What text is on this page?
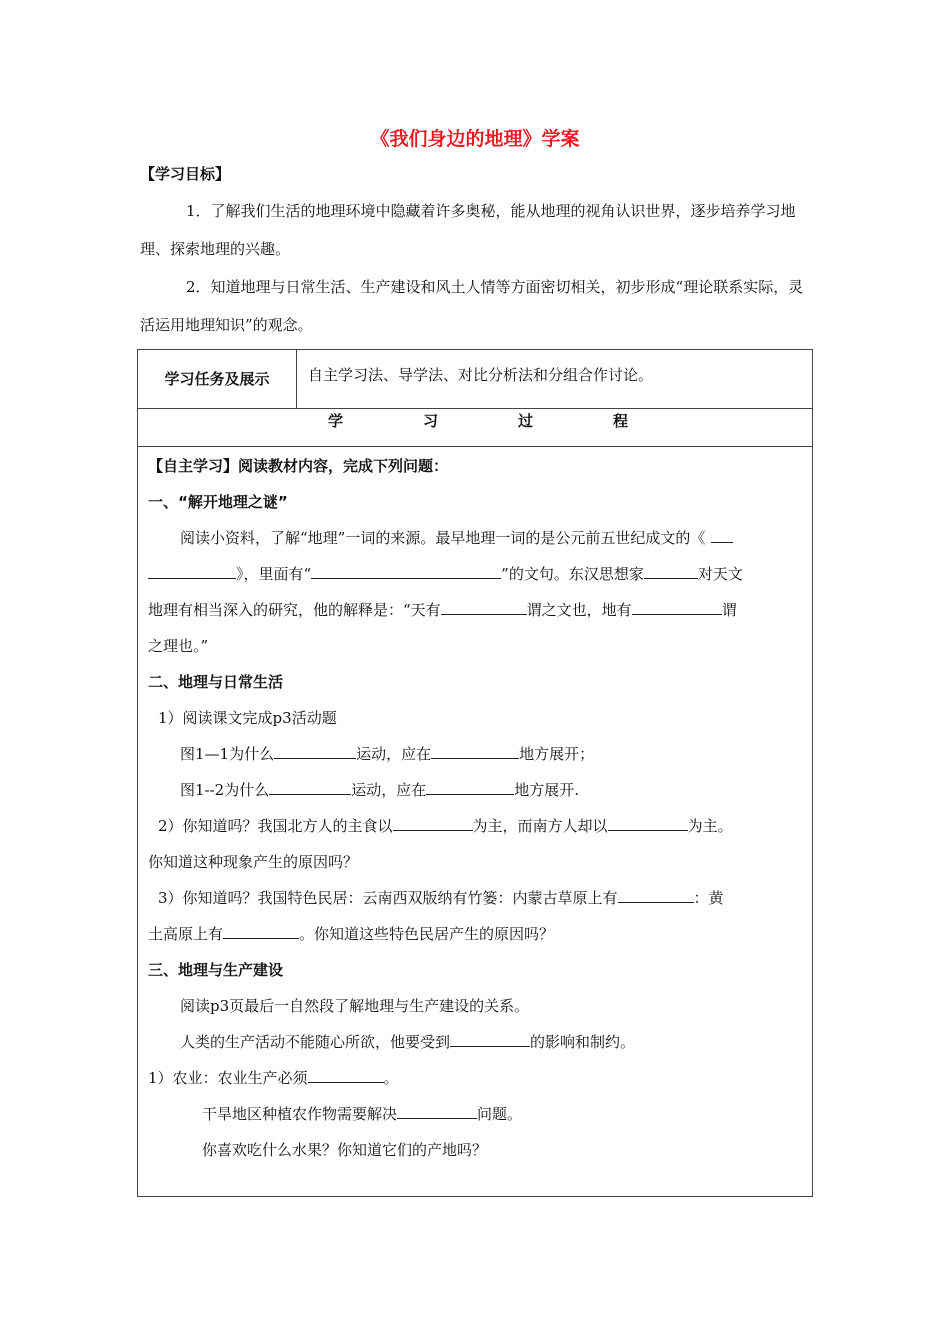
《我们身边的地理》学案

【学习目标】

1．了解我们生活的地理环境中隐藏着许多奥秘，能从地理的视角认识世界，逐步培养学习地理、探索地理的兴趣。

2．知道地理与日常生活、生产建设和风土人情等方面密切相关，初步形成“理论联系实际，灵活运用地理知识”的观念。

学习任务及展示	自主学习法、导学法、对比分析法和分组合作讨论。
学	习	过	程

【自主学习】阅读教材内容，完成下列问题：

一、“解开地理之谜”

阅读小资料，了解“地理”一词的来源。最早地理一词的是公元前五世纪成文的《

》，里面有“	”的文句。东汉思想家	对天文

地理有相当深入的研究，他的解释是：“天有	谓之文也，地有	谓

之理也。”

二、地理与日常生活

1）阅读课文完成p3活动题

图1—1为什么	运动，应在	地方展开；

图1--2为什么	运动，应在	地方展开.

2）你知道吗？我国北方人的主食以	为主，而南方人却以	为主。

你知道这种现象产生的原因吗？

3）你知道吗？我国特色民居：云南西双版纳有竹篓：内蒙古草原上有	：黄

土高原上有	。你知道这些特色民居产生的原因吗？

三、地理与生产建设

阅读p3页最后一自然段了解地理与生产建设的关系。

人类的生产活动不能随心所欲，他要受到	的影响和制约。

1）农业：农业生产必须	。

干旱地区种植农作物需要解决	问题。

你喜欢吃什么水果？你知道它们的产地吗？
